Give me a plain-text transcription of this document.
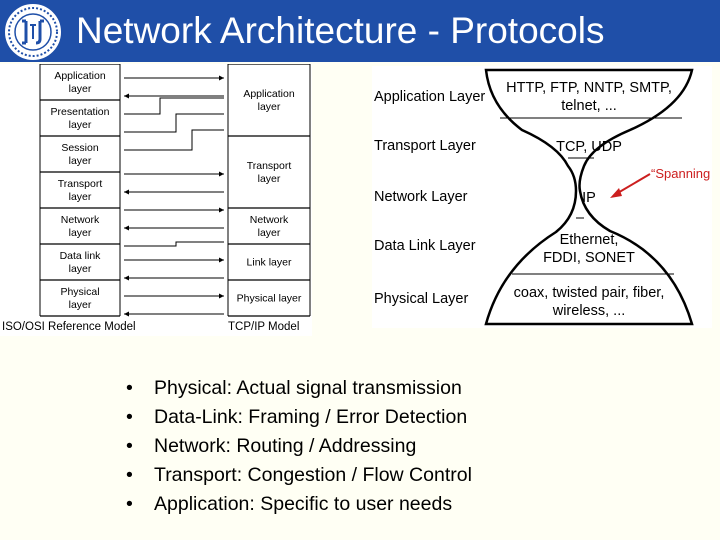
Network Architecture - Protocols
Application
layer
Presentation
layer
Session
layer
Transport
layer
Network
layer
Data link
layer
Physical
layer
Application
layer
Transport
layer
Network
layer
Link layer
Physical layer
ISO/OSI Reference Model	TCP/IP Model
Application Layer
Transport Layer
Network Layer
Data Link Layer
Physical Layer
HTTP, FTP, NNTP, SMTP,
telnet, ...
TCP, UDP
IP
Ethernet,
FDDI, SONET
coax, twisted pair, fiber,
wireless, ...
“Spanning
• Physical: Actual signal transmission
• Data-Link: Framing / Error Detection
• Network: Routing / Addressing
• Transport: Congestion / Flow Control
• Application: Specific to user needs
